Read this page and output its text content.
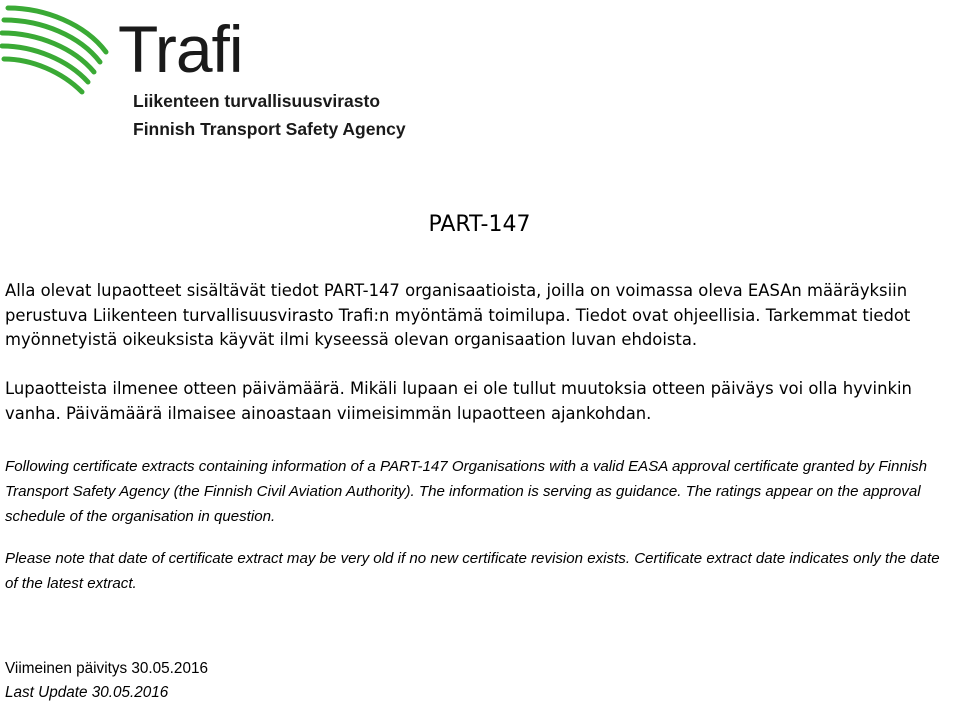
Trafi
Liikenteen turvallisuusvirasto
Finnish Transport Safety Agency
PART-147

Alla olevat lupaotteet sisältävät tiedot PART-147 organisaatioista, joilla on voimassa oleva EASAn määräyksiin perustuva Liikenteen turvallisuusvirasto Trafi:n myöntämä toimilupa. Tiedot ovat ohjeellisia. Tarkemmat tiedot myönnetyistä oikeuksista käyvät ilmi kyseessä olevan organisaation luvan ehdoista.

Lupaotteista ilmenee otteen päivämäärä. Mikäli lupaan ei ole tullut muutoksia otteen päiväys voi olla hyvinkin vanha. Päivämäärä ilmaisee ainoastaan viimeisimmän lupaotteen ajankohdan.

Following certificate extracts containing information of a PART-147 Organisations with a valid EASA approval certificate granted by Finnish Transport Safety Agency (the Finnish Civil Aviation Authority). The information is serving as guidance. The ratings appear on the approval schedule of the organisation in question.

Please note that date of certificate extract may be very old if no new certificate revision exists. Certificate extract date indicates only the date of the latest extract.

Viimeinen päivitys 30.05.2016

Last Update 30.05.2016
